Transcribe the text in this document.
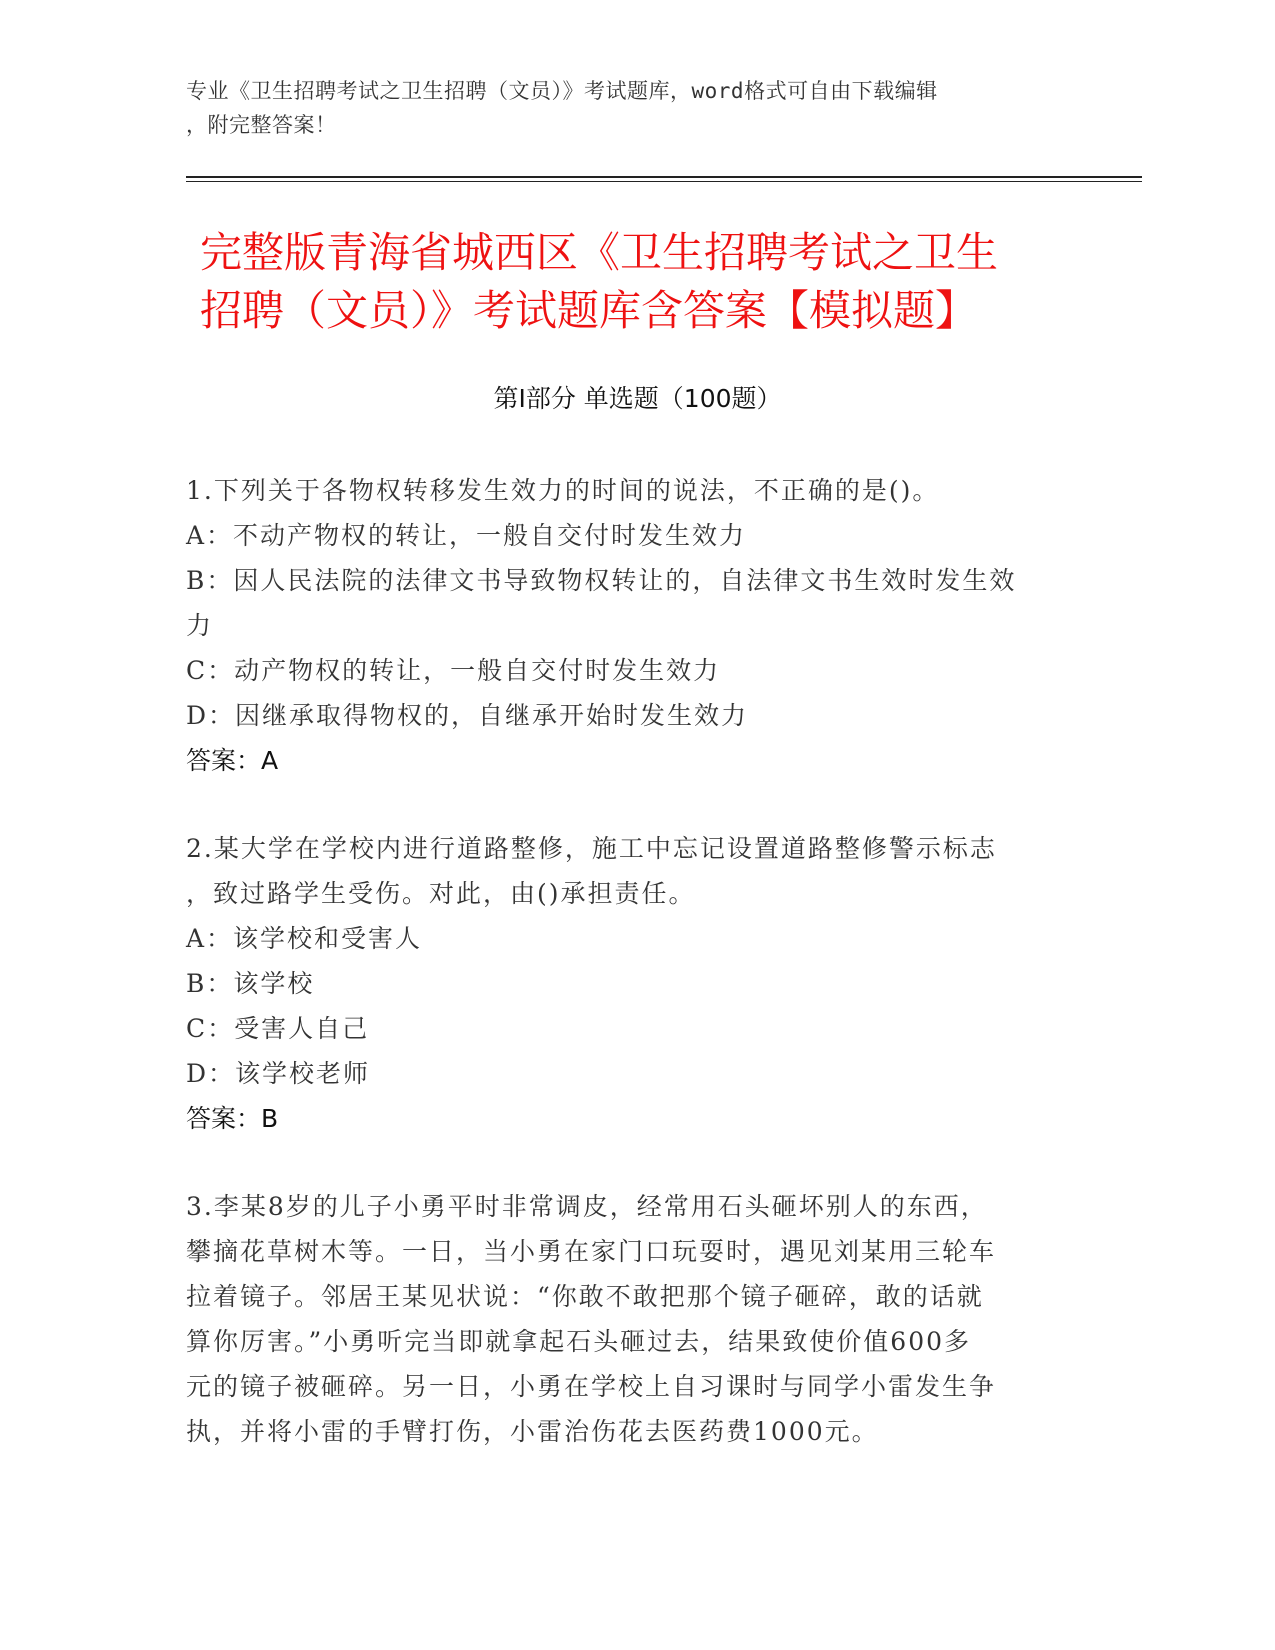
专业《卫生招聘考试之卫生招聘（文员）》考试题库，word格式可自由下载编辑
，附完整答案！
完整版青海省城西区《卫生招聘考试之卫生
招聘（文员）》考试题库含答案【模拟题】
第Ⅰ部分 单选题（100题）
1.下列关于各物权转移发生效力的时间的说法，不正确的是()。
A：不动产物权的转让，一般自交付时发生效力
B：因人民法院的法律文书导致物权转让的，自法律文书生效时发生效
力
C：动产物权的转让，一般自交付时发生效力
D：因继承取得物权的，自继承开始时发生效力
答案：A
2.某大学在学校内进行道路整修，施工中忘记设置道路整修警示标志
，致过路学生受伤。对此，由()承担责任。
A：该学校和受害人
B：该学校
C：受害人自己
D：该学校老师
答案：B
3.李某8岁的儿子小勇平时非常调皮，经常用石头砸坏别人的东西，
攀摘花草树木等。一日，当小勇在家门口玩耍时，遇见刘某用三轮车
拉着镜子。邻居王某见状说：“你敢不敢把那个镜子砸碎，敢的话就
算你厉害。”小勇听完当即就拿起石头砸过去，结果致使价值600多
元的镜子被砸碎。另一日，小勇在学校上自习课时与同学小雷发生争
执，并将小雷的手臂打伤，小雷治伤花去医药费1000元。
